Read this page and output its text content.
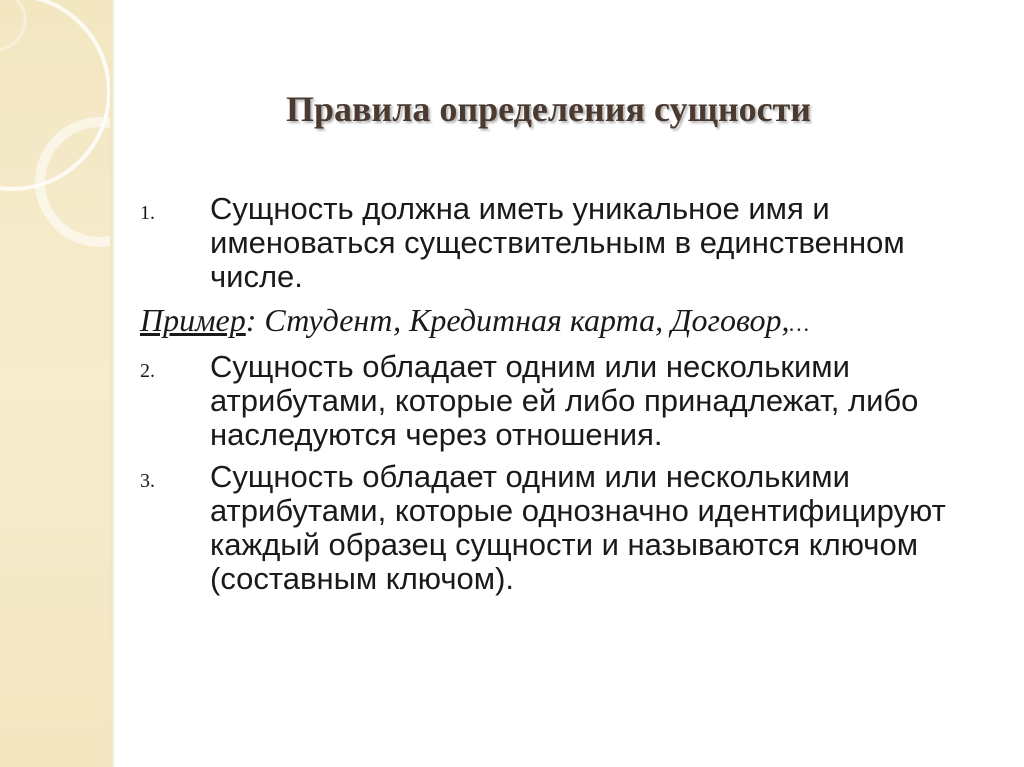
Правила определения сущности
1. Сущность должна иметь уникальное имя и именоваться существительным в единственном числе.
Пример: Студент, Кредитная карта, Договор,…
2. Сущность обладает одним или несколькими атрибутами, которые ей либо принадлежат, либо наследуются через отношения.
3. Сущность обладает одним или несколькими атрибутами, которые однозначно идентифицируют каждый образец сущности и называются ключом (составным ключом).
